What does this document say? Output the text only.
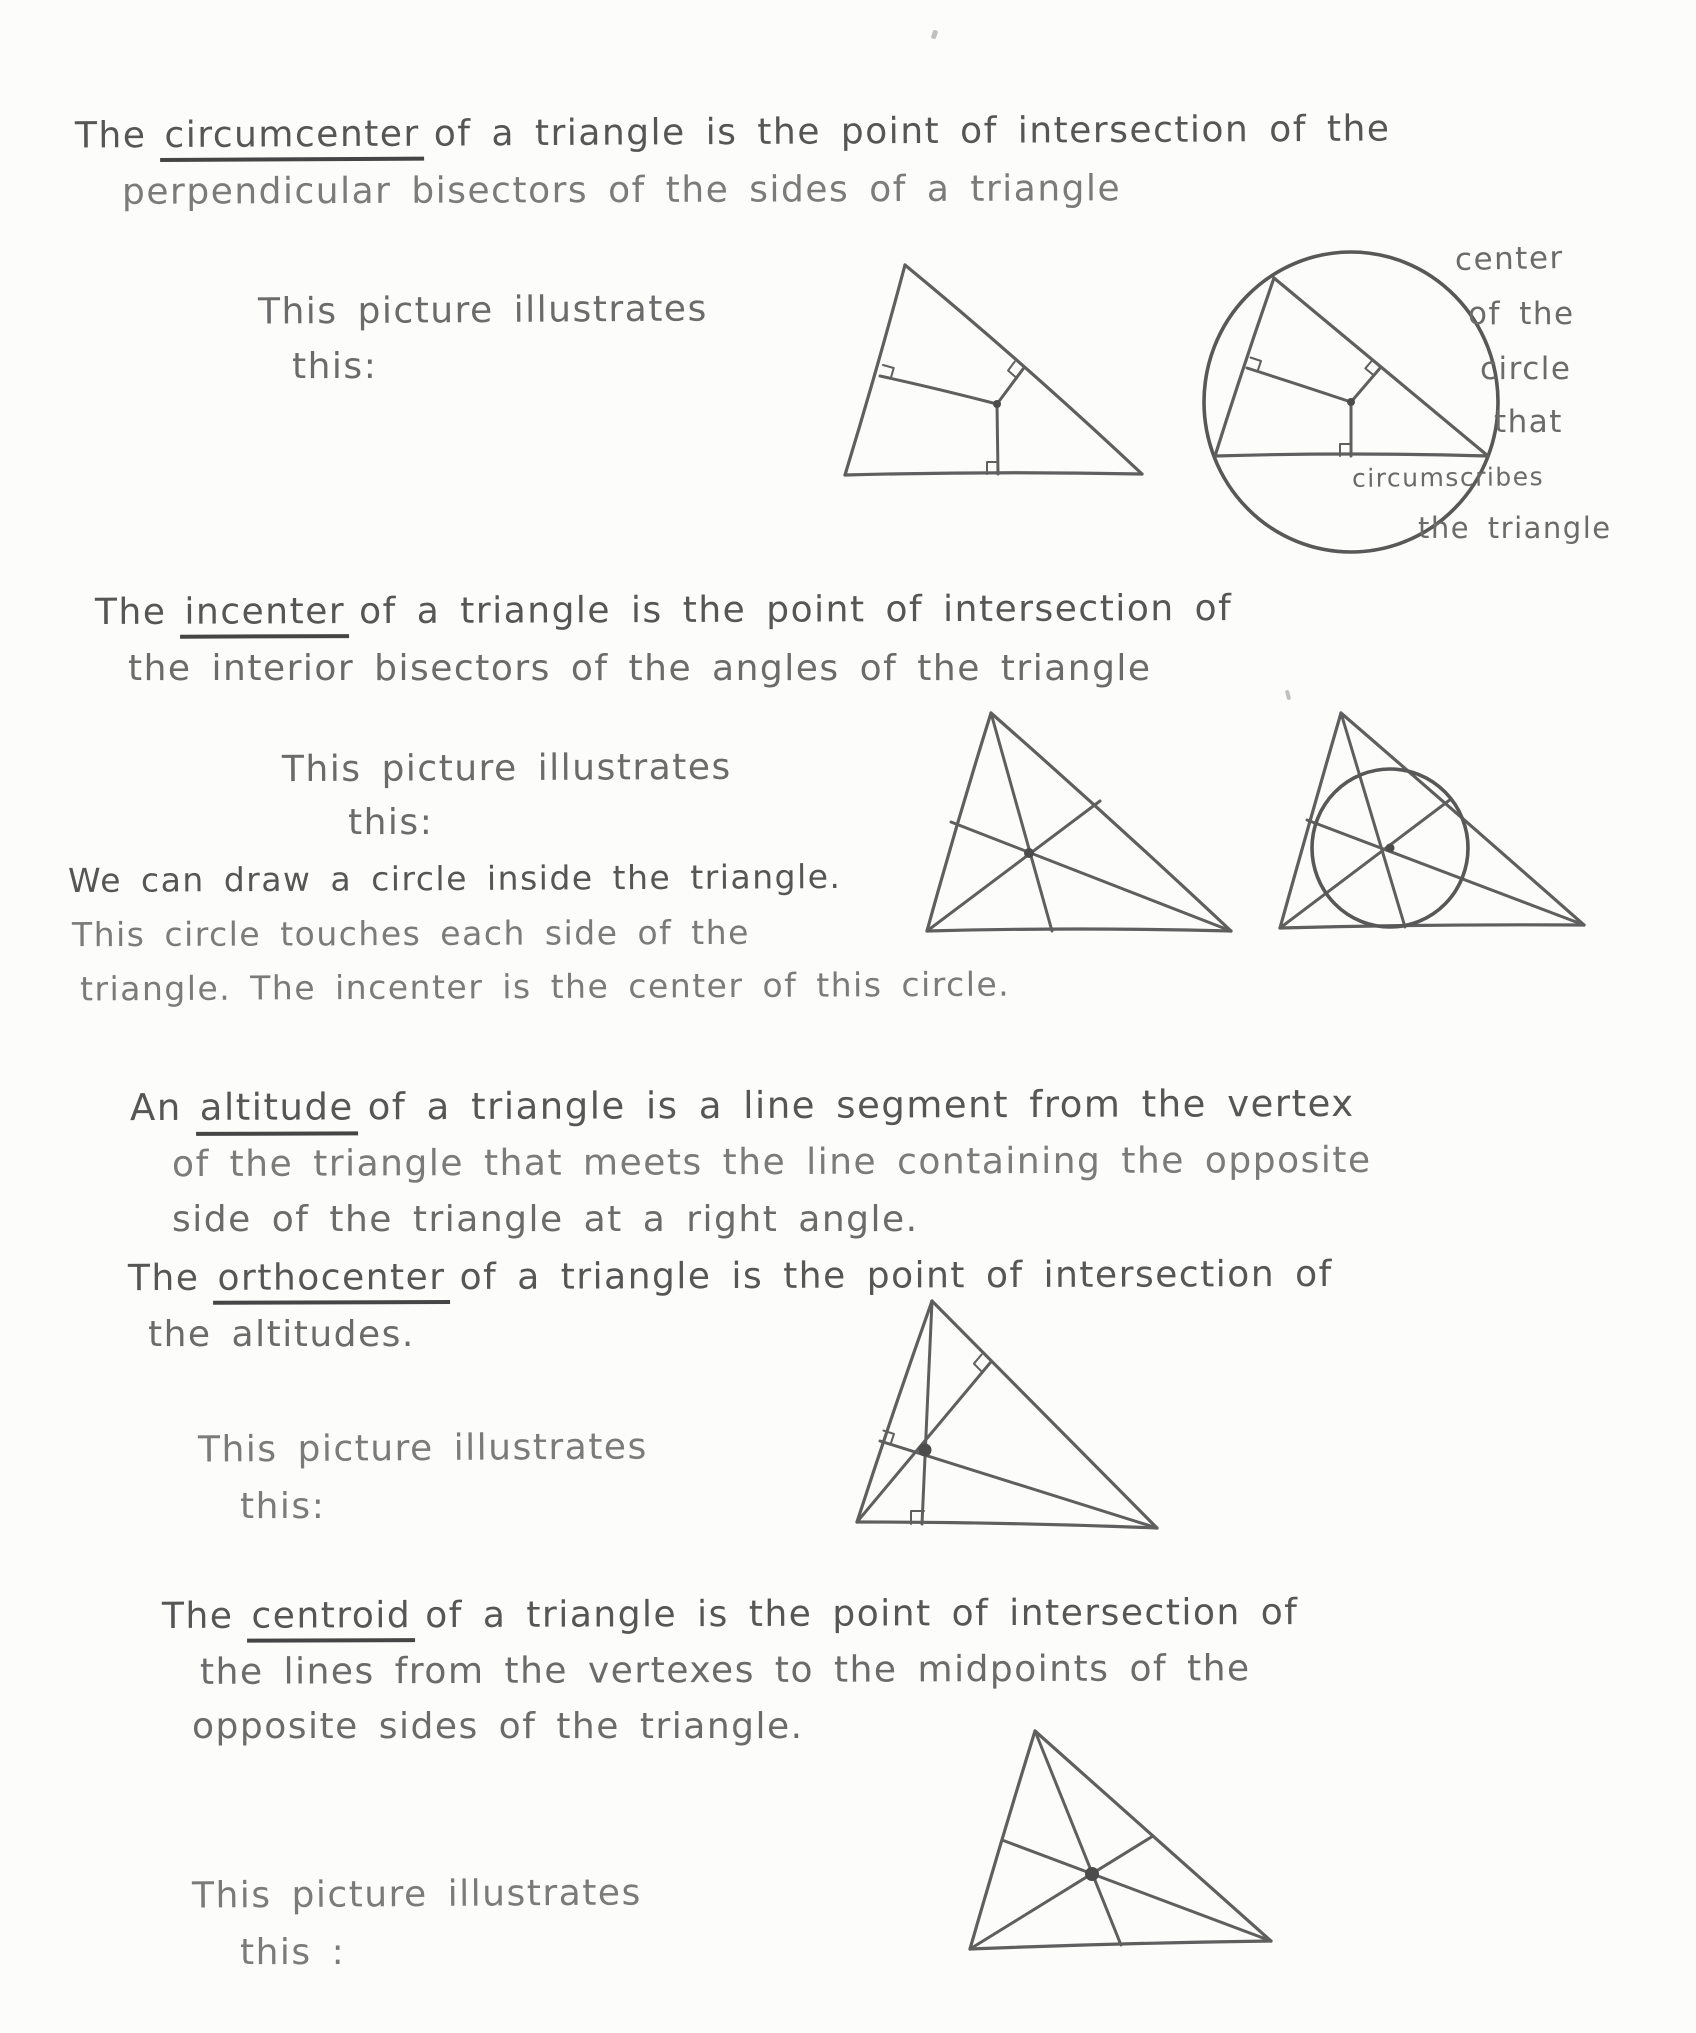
The circumcenter of a triangle is the point of intersection of the
perpendicular bisectors of the sides of a triangle
This picture illustrates
this:
center
of the
circle
that
circumscribes
the triangle
The incenter of a triangle is the point of intersection of
the interior bisectors of the angles of the triangle
This picture illustrates
this:
We can draw a circle inside the triangle.
This circle touches each side of the
triangle. The incenter is the center of this circle.
An altitude of a triangle is a line segment from the vertex
of the triangle that meets the line containing the opposite
side of the triangle at a right angle.
The orthocenter of a triangle is the point of intersection of
the altitudes.
This picture illustrates
this:
The centroid of a triangle is the point of intersection of
the lines from the vertexes to the midpoints of the
opposite sides of the triangle.
This picture illustrates
this :
